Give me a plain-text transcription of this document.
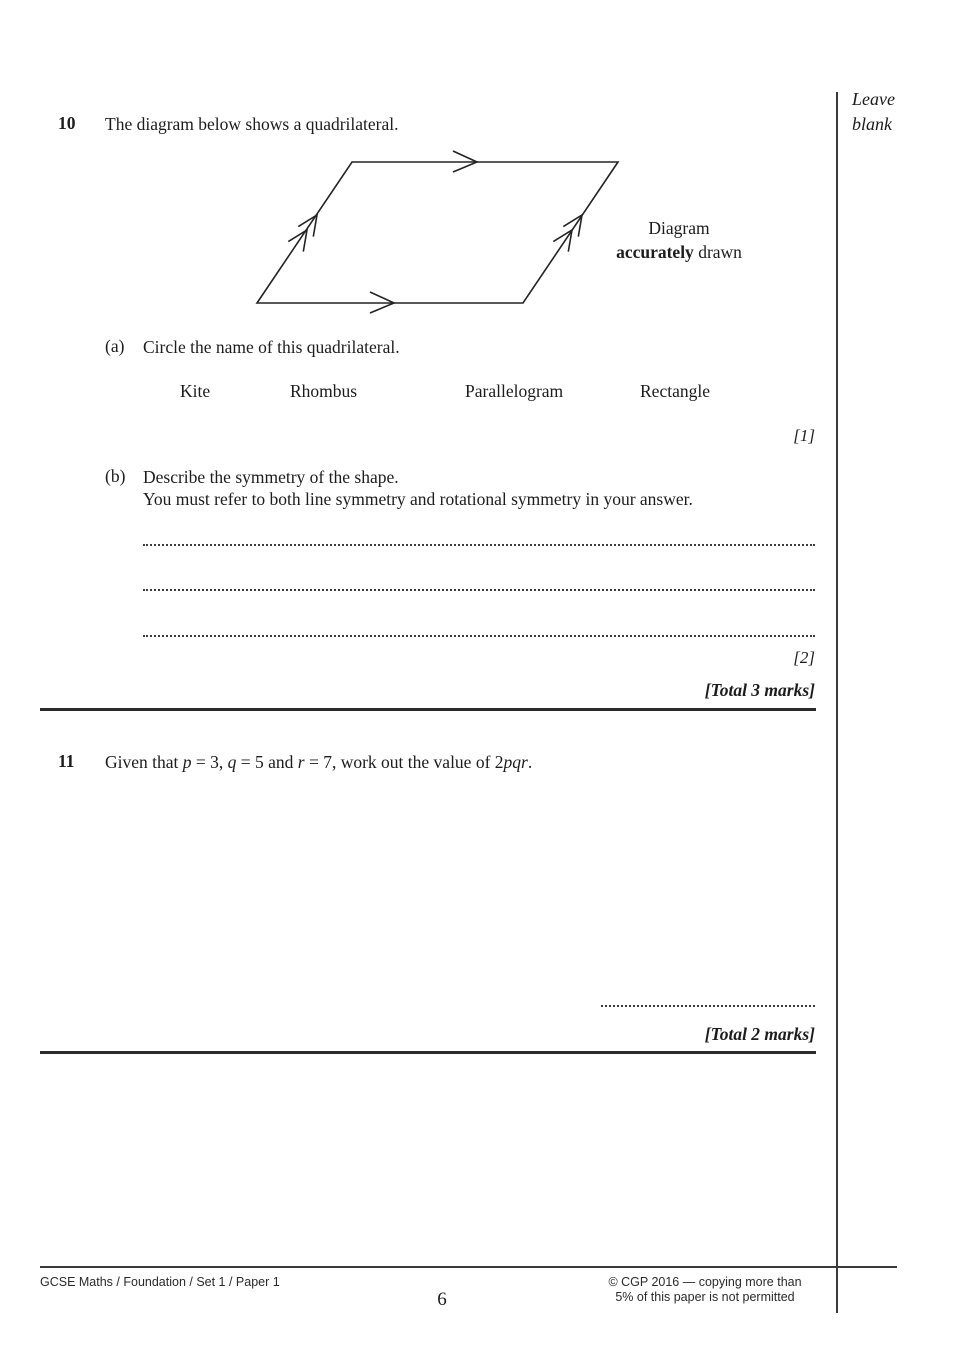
Leave
blank
10 The diagram below shows a quadrilateral.
Diagram
accurately drawn
(a) Circle the name of this quadrilateral.
Kite	Rhombus	Parallelogram	Rectangle
[1]
(b) Describe the symmetry of the shape.
You must refer to both line symmetry and rotational symmetry in your answer.
[2]
[Total 3 marks]
11 Given that p = 3, q = 5 and r = 7, work out the value of 2pqr.
[Total 2 marks]
GCSE Maths / Foundation / Set 1 / Paper 1	© CGP 2016 — copying more than
5% of this paper is not permitted
6
